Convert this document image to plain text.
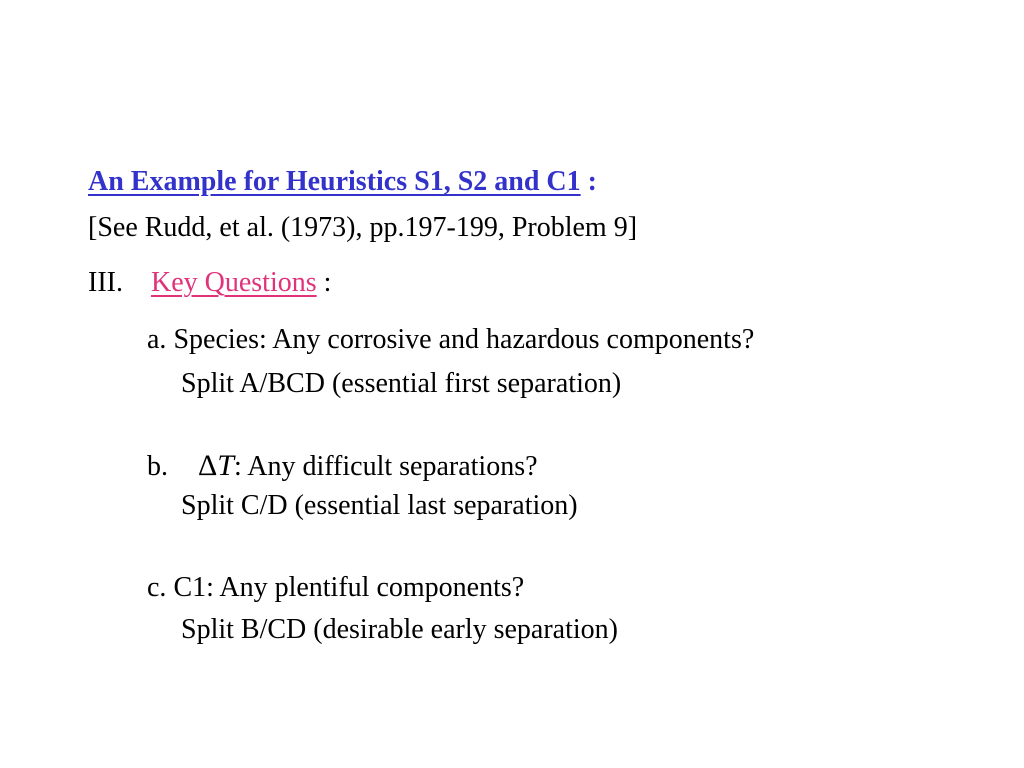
An Example for Heuristics S1, S2 and C1 :
[See Rudd, et al. (1973), pp.197-199, Problem 9]
III. Key Questions :
a. Species: Any corrosive and hazardous components?
Split A/BCD (essential first separation)
b. ΔT: Any difficult separations?
Split C/D (essential last separation)
c. C1: Any plentiful components?
Split B/CD (desirable early separation)
